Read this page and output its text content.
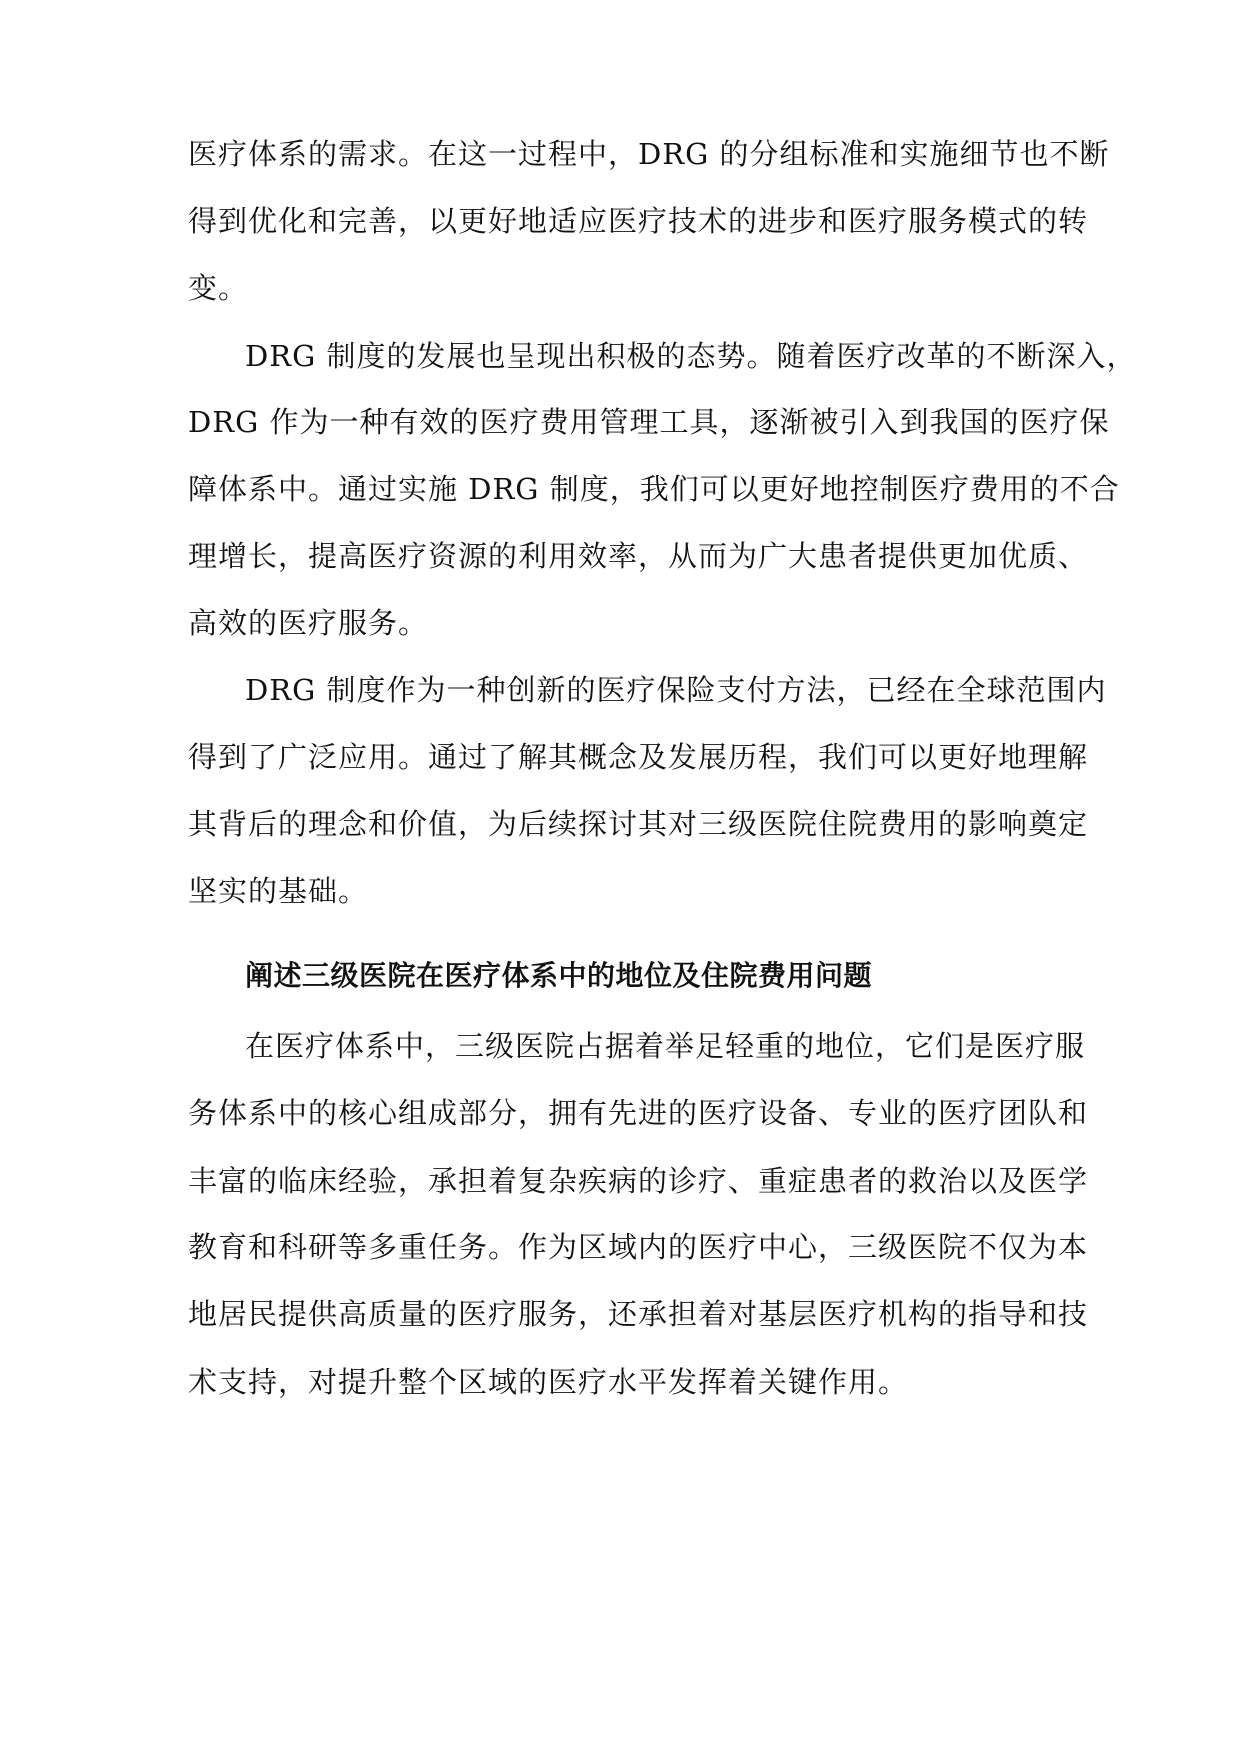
医疗体系的需求。在这一过程中，DRG 的分组标准和实施细节也不断
得到优化和完善，以更好地适应医疗技术的进步和医疗服务模式的转
变。
DRG 制度的发展也呈现出积极的态势。随着医疗改革的不断深入，
DRG 作为一种有效的医疗费用管理工具，逐渐被引入到我国的医疗保
障体系中。通过实施 DRG 制度，我们可以更好地控制医疗费用的不合
理增长，提高医疗资源的利用效率，从而为广大患者提供更加优质、
高效的医疗服务。
DRG 制度作为一种创新的医疗保险支付方法，已经在全球范围内
得到了广泛应用。通过了解其概念及发展历程，我们可以更好地理解
其背后的理念和价值，为后续探讨其对三级医院住院费用的影响奠定
坚实的基础。
阐述三级医院在医疗体系中的地位及住院费用问题
在医疗体系中，三级医院占据着举足轻重的地位，它们是医疗服
务体系中的核心组成部分，拥有先进的医疗设备、专业的医疗团队和
丰富的临床经验，承担着复杂疾病的诊疗、重症患者的救治以及医学
教育和科研等多重任务。作为区域内的医疗中心，三级医院不仅为本
地居民提供高质量的医疗服务，还承担着对基层医疗机构的指导和技
术支持，对提升整个区域的医疗水平发挥着关键作用。
